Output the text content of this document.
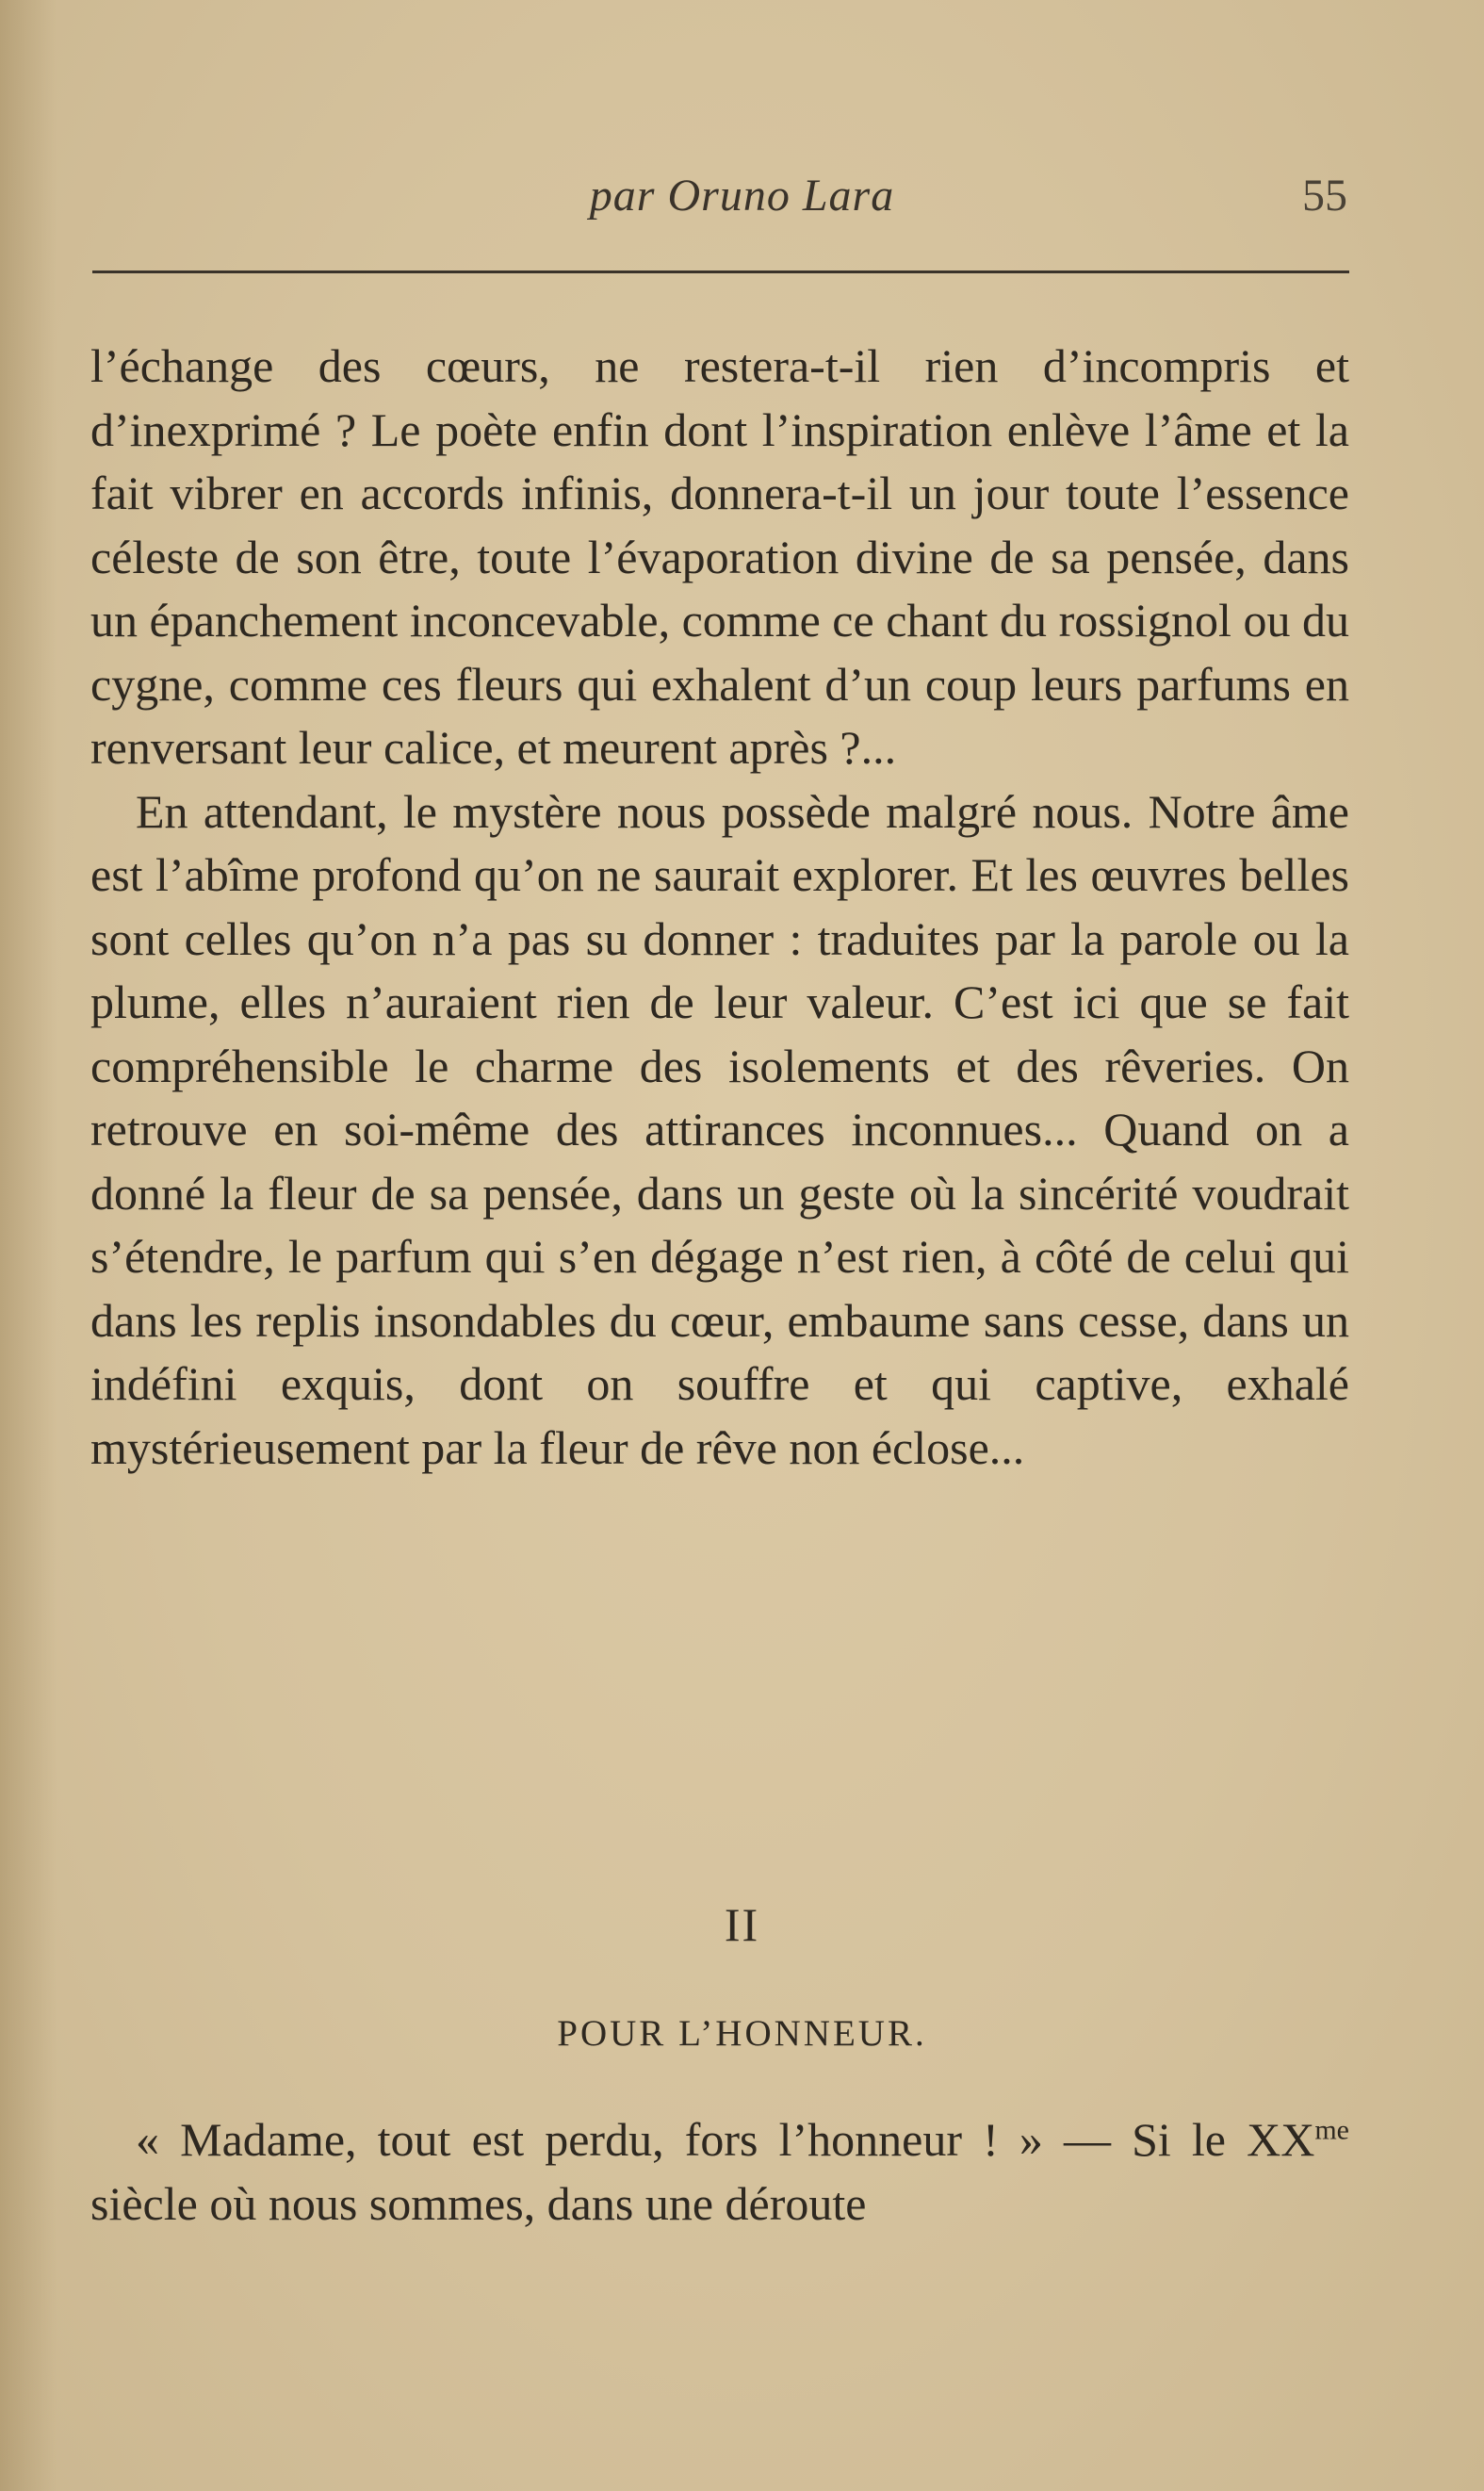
par Oruno Lara	55

l’échange des cœurs, ne restera-t-il rien d’incompris et d’inexprimé ? Le poète enfin dont l’inspiration enlève l’âme et la fait vibrer en accords infinis, donnera-t-il un jour toute l’essence céleste de son être, toute l’évaporation divine de sa pensée, dans un épanchement inconcevable, comme ce chant du rossignol ou du cygne, comme ces fleurs qui exhalent d’un coup leurs parfums en renversant leur calice, et meurent après ?...

En attendant, le mystère nous possède malgré nous. Notre âme est l’abîme profond qu’on ne saurait explorer. Et les œuvres belles sont celles qu’on n’a pas su donner : traduites par la parole ou la plume, elles n’auraient rien de leur valeur. C’est ici que se fait compréhensible le charme des isolements et des rêveries. On retrouve en soi-même des attirances inconnues... Quand on a donné la fleur de sa pensée, dans un geste où la sincérité voudrait s’étendre, le parfum qui s’en dégage n’est rien, à côté de celui qui dans les replis insondables du cœur, embaume sans cesse, dans un indéfini exquis, dont on souffre et qui captive, exhalé mystérieusement par la fleur de rêve non éclose...

II
POUR L’HONNEUR.

« Madame, tout est perdu, fors l’honneur ! » — Si le $XX^{me}$ siècle où nous sommes, dans une déroute
